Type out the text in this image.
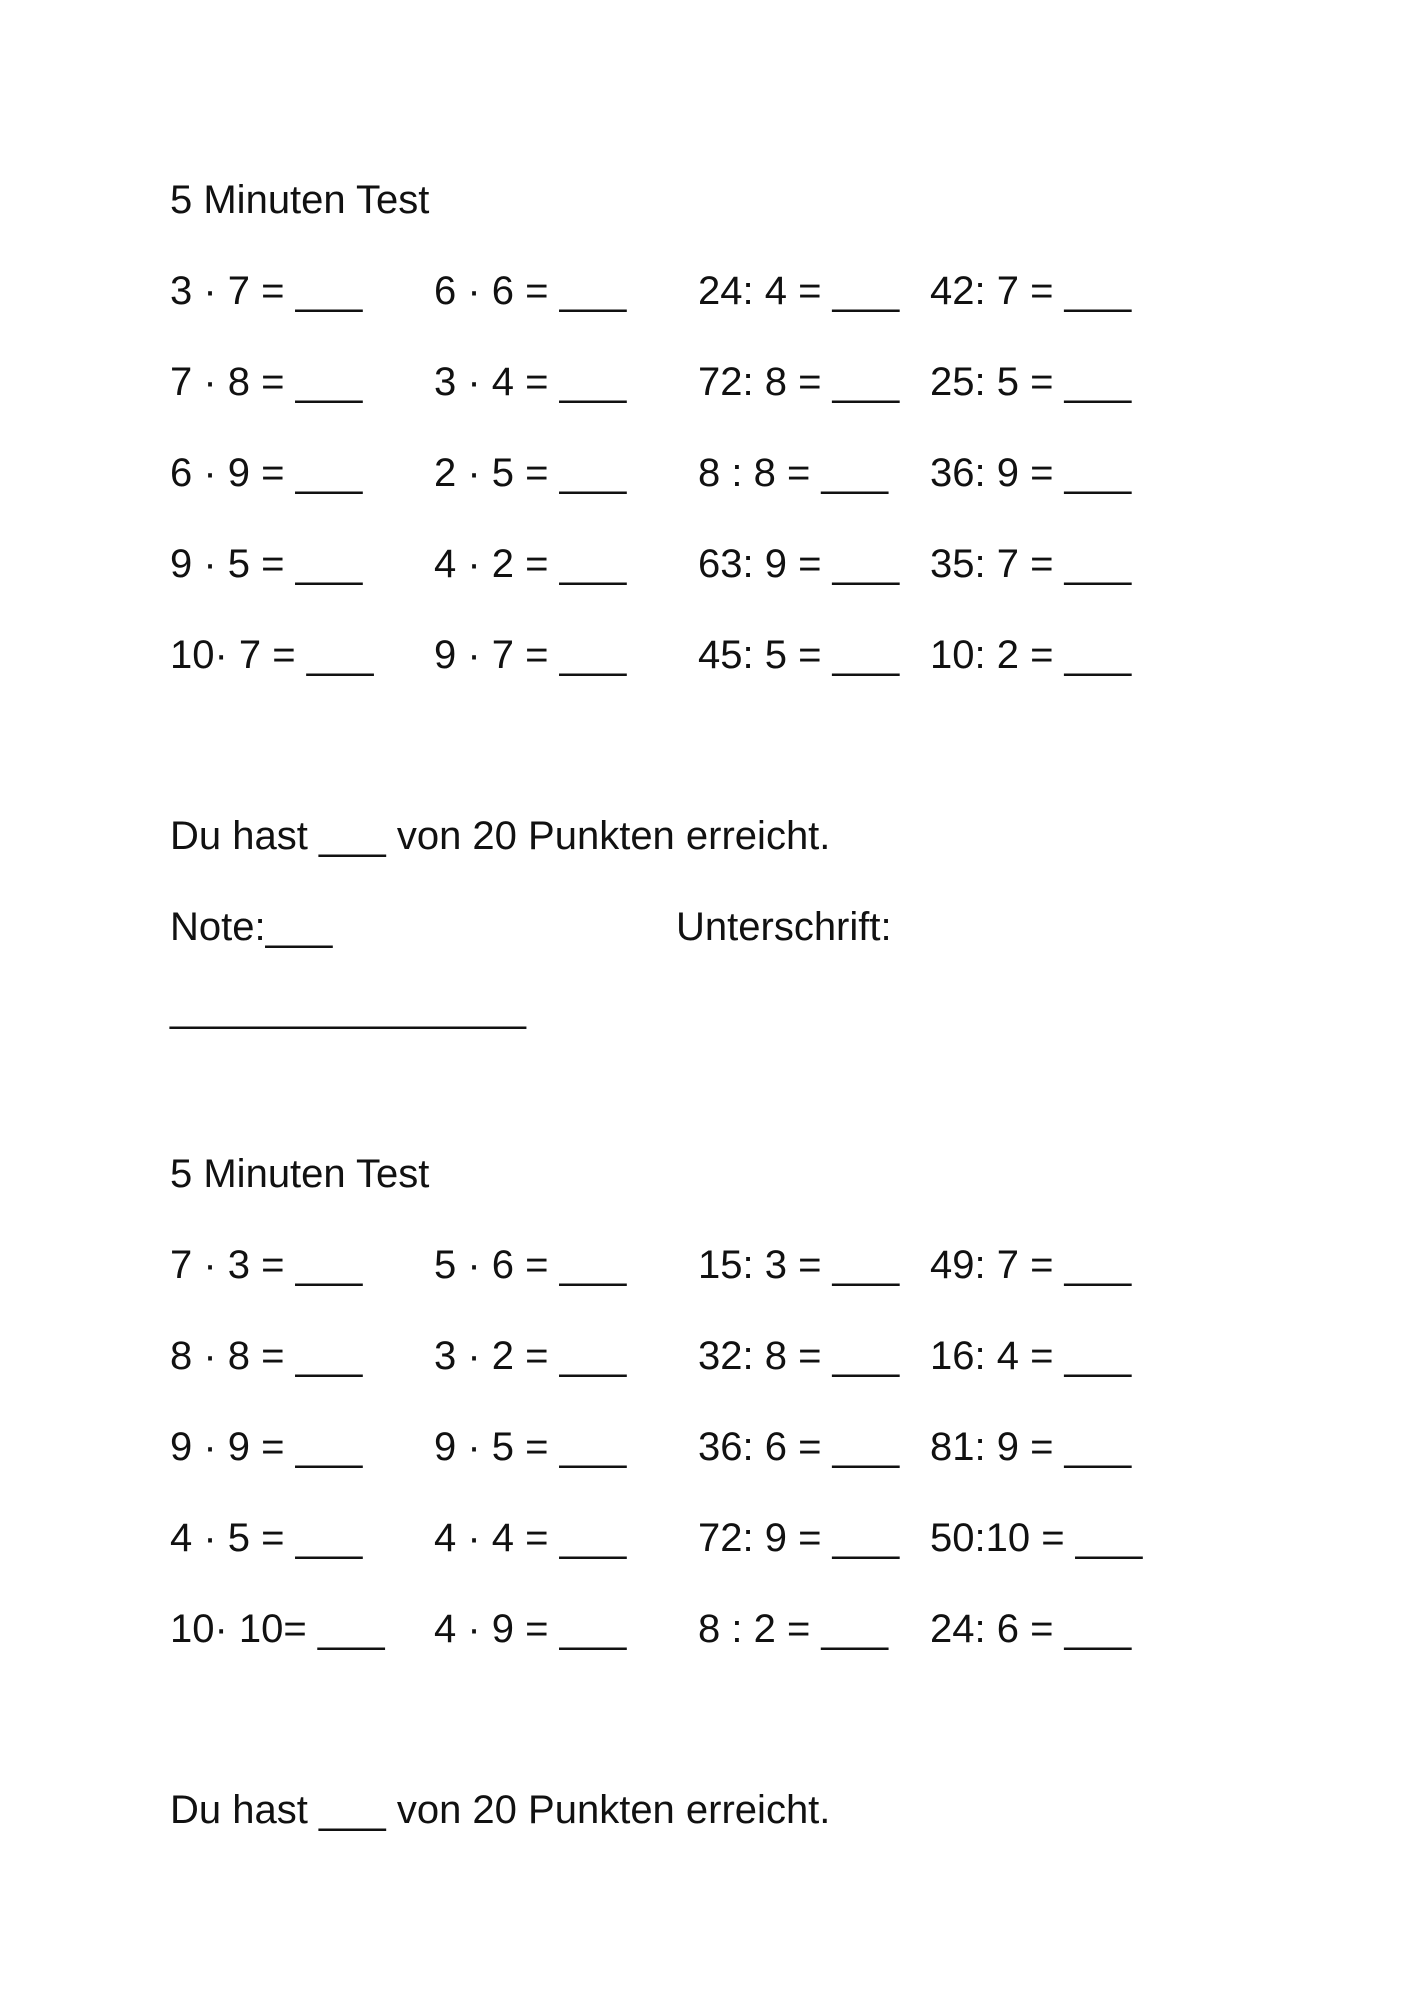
5 Minuten Test
3 · 7 = ___ 6 · 6 = ___ 24: 4 = ___ 42: 7 = ___
7 · 8 = ___ 3 · 4 = ___ 72: 8 = ___ 25: 5 = ___
6 · 9 = ___ 2 · 5 = ___ 8 : 8 = ___ 36: 9 = ___
9 · 5 = ___ 4 · 2 = ___ 63: 9 = ___ 35: 7 = ___
10· 7 = ___ 9 · 7 = ___ 45: 5 = ___ 10: 2 = ___
Du hast ___ von 20 Punkten erreicht.
Note:___	Unterschrift:
________________
5 Minuten Test
7 · 3 = ___ 5 · 6 = ___ 15: 3 = ___ 49: 7 = ___
8 · 8 = ___ 3 · 2 = ___ 32: 8 = ___ 16: 4 = ___
9 · 9 = ___ 9 · 5 = ___ 36: 6 = ___ 81: 9 = ___
4 · 5 = ___ 4 · 4 = ___ 72: 9 = ___ 50:10 = ___
10· 10= ___ 4 · 9 = ___ 8 : 2 = ___ 24: 6 = ___
Du hast ___ von 20 Punkten erreicht.
